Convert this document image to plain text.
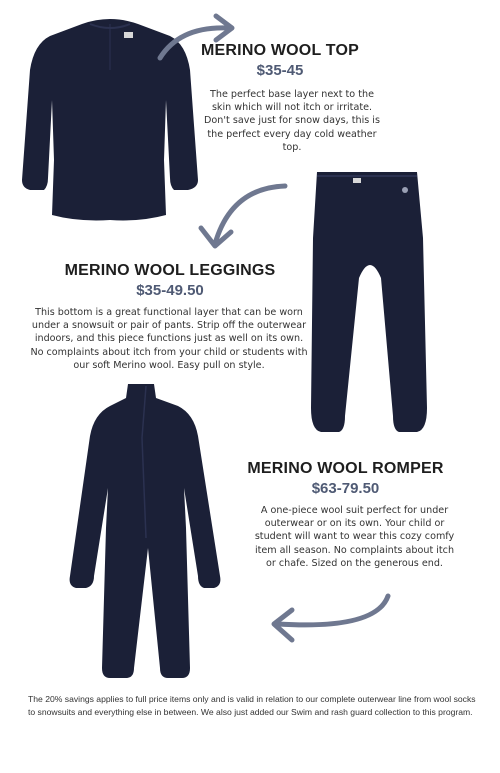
MERINO WOOL TOP
$35-45
The perfect base layer next to the skin which will not itch or irritate. Don't save just for snow days, this is the perfect every day cold weather top.
MERINO WOOL LEGGINGS
$35-49.50
This bottom is a great functional layer that can be worn under a snowsuit or pair of pants. Strip off the outerwear indoors, and this piece functions just as well on its own. No complaints about itch from your child or students with our soft Merino wool. Easy pull on style.
MERINO WOOL ROMPER
$63-79.50
A one-piece wool suit perfect for under outerwear or on its own. Your child or student will want to wear this cozy comfy item all season. No complaints about itch or chafe. Sized on the generous end.
The 20% savings applies to full price items only and is valid in relation to our complete outerwear line from wool socks to snowsuits and everything else in between. We also just added our Swim and rash guard collection to this program.
